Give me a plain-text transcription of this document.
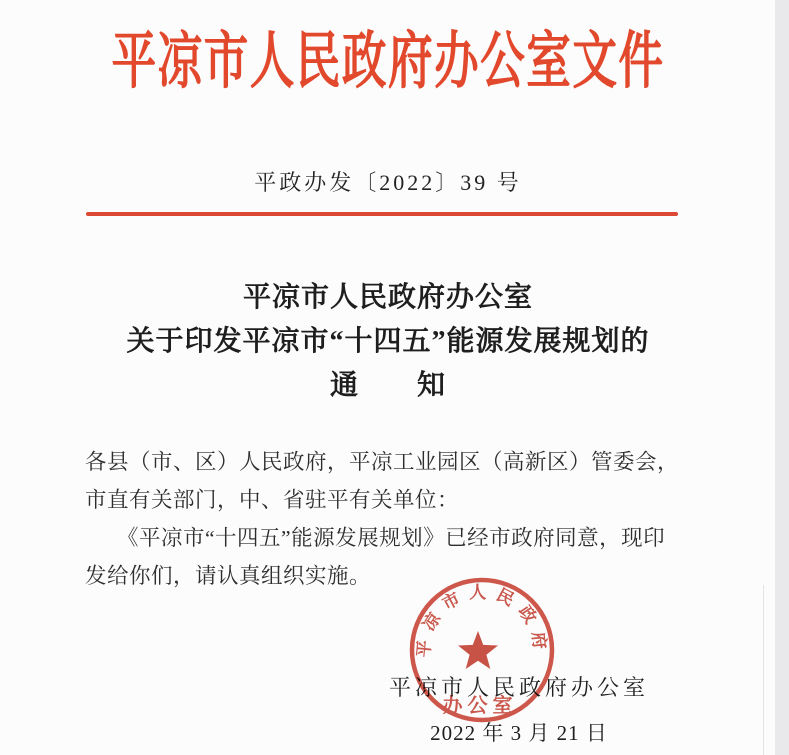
平凉市人民政府办公室文件
平政办发〔2022〕39 号
平凉市人民政府办公室
关于印发平凉市“十四五”能源发展规划的
通　　知
各县（市、区）人民政府，平凉工业园区（高新区）管委会，
市直有关部门，中、省驻平有关单位：
《平凉市“十四五”能源发展规划》已经市政府同意，现印
发给你们，请认真组织实施。
平凉市人民政府办公室
2022 年 3 月 21 日
平凉市人民政府
办公室
